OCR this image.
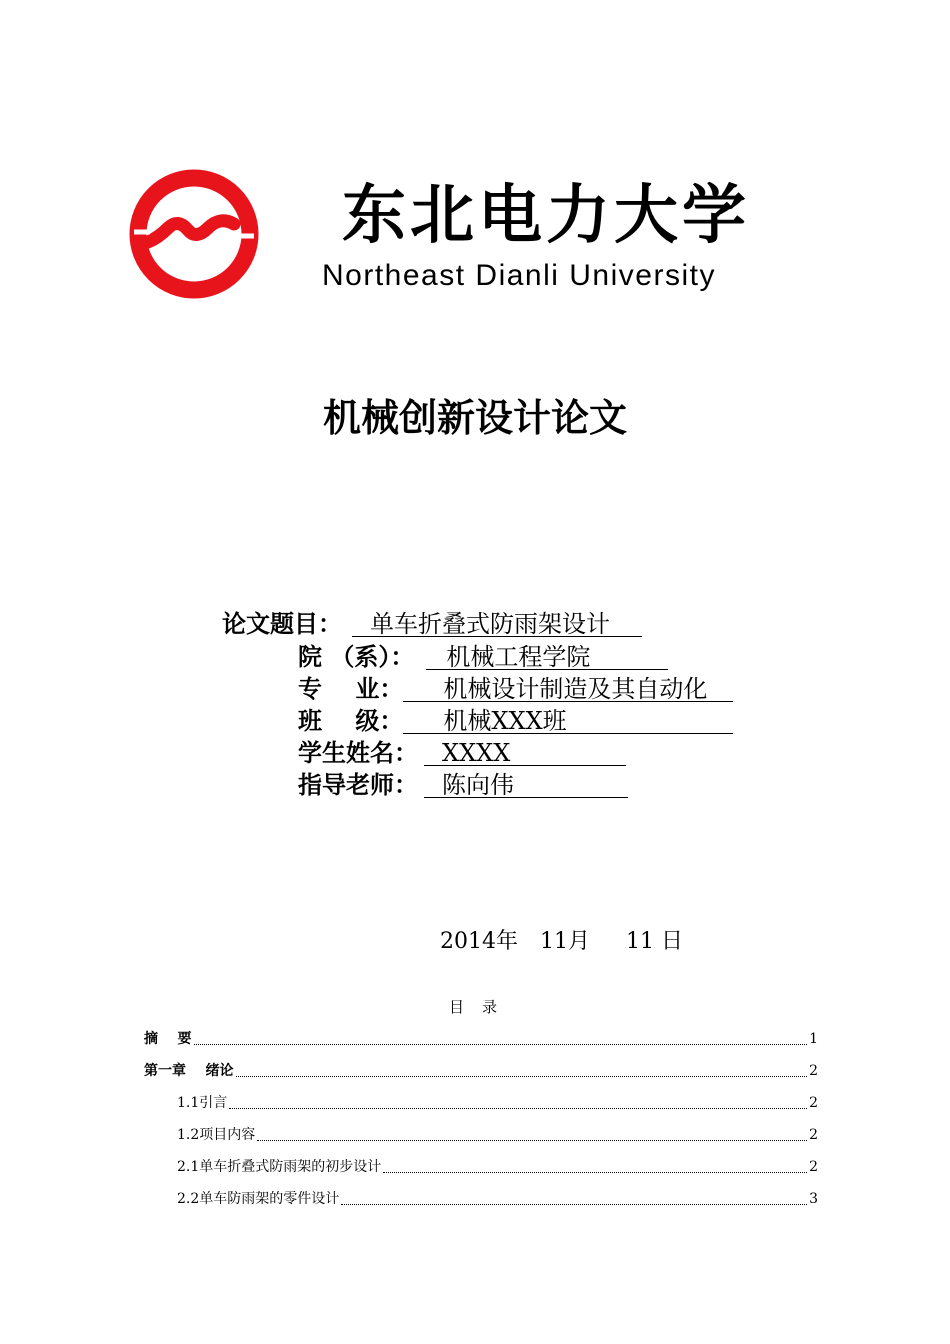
东北电力大学
Northeast Dianli University
机械创新设计论文
论文题目： 单车折叠式防雨架设计
院 （系）： 机械工程学院
专    业： 机械设计制造及其自动化
班    级： 机械XXX班
学生姓名： XXXX
指导老师： 陈向伟
2014年 11月 11 日
目录
摘    要	1
第一章    绪论	2
1.1引言	2
1.2项目内容	2
2.1单车折叠式防雨架的初步设计	2
2.2单车防雨架的零件设计	3
